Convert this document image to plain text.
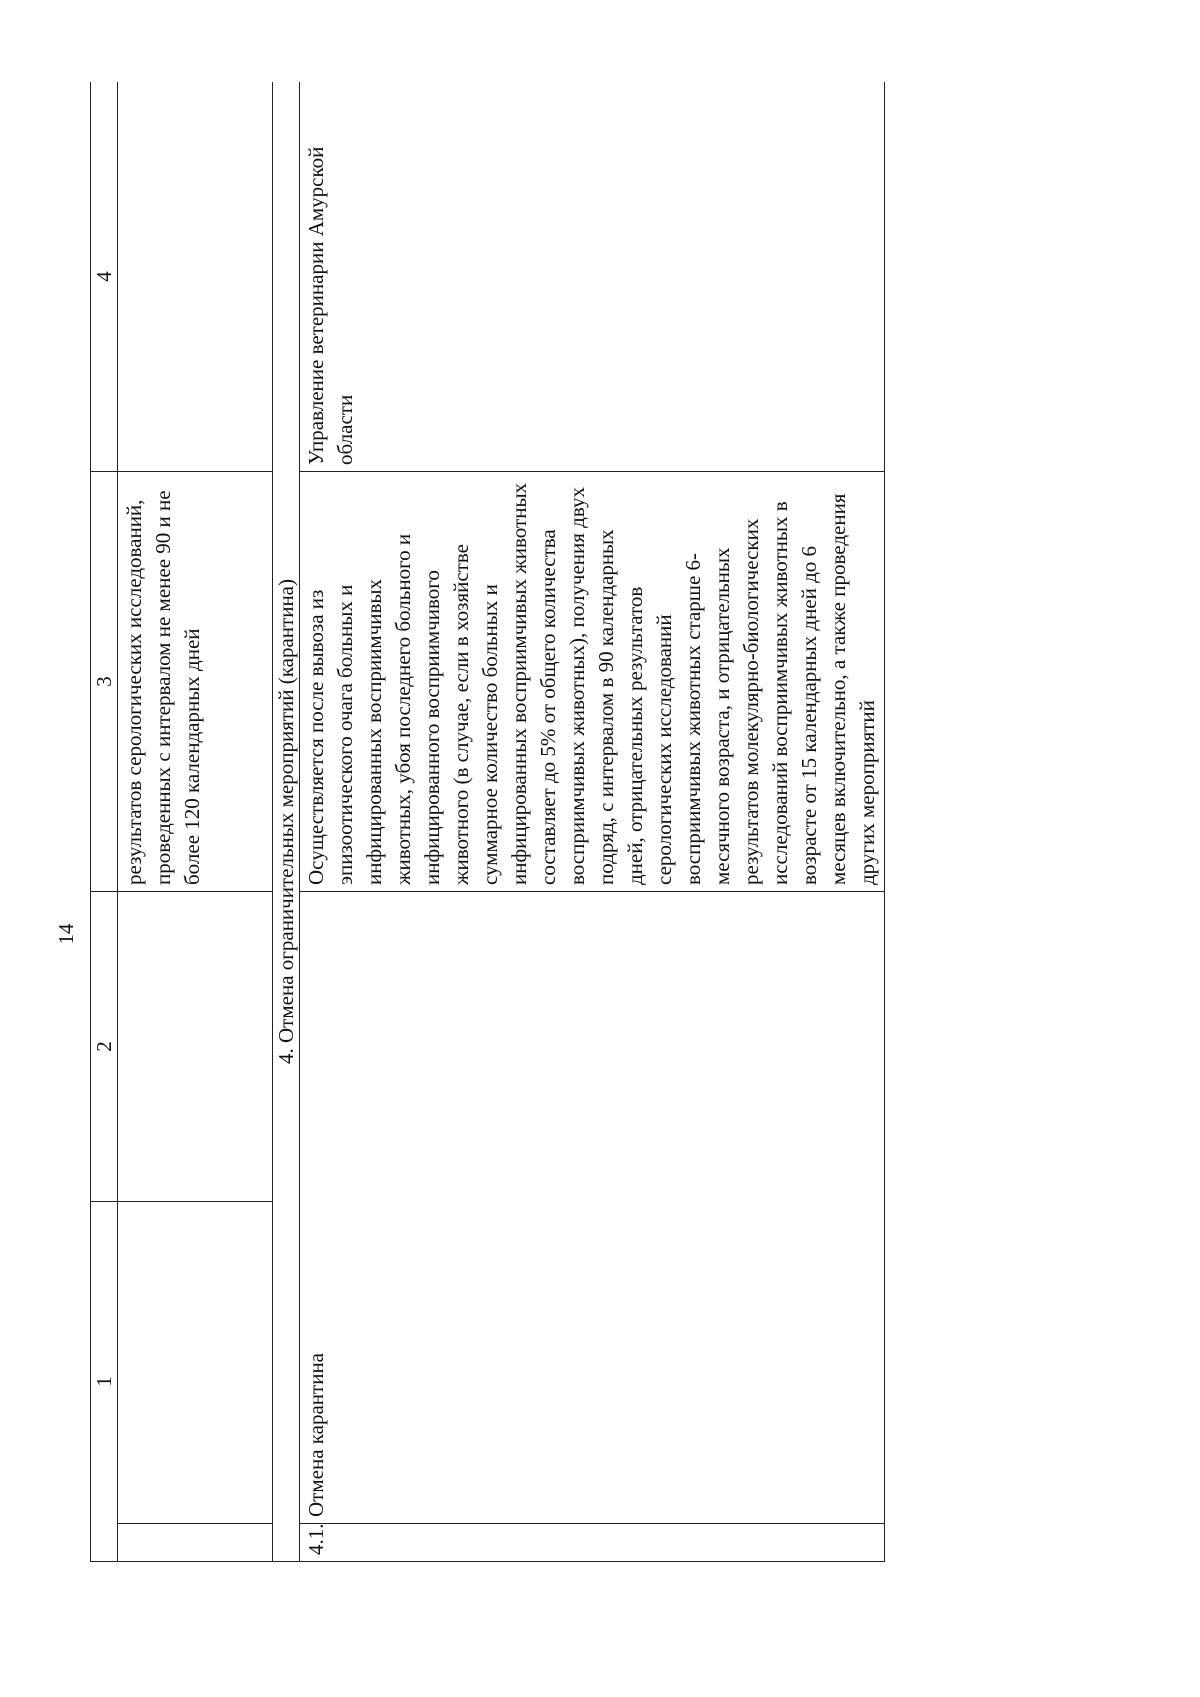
14
1		2	3	4
			результатов серологических исследований, проведенных с интервалом не менее 90 и не более 120 календарных дней	
4. Отмена ограничительных мероприятий (карантина)				
4.1.	Отмена карантина		Осуществляется после вывоза из эпизоотического очага больных и инфицированных восприимчивых животных, убоя последнего больного и инфицированного восприимчивого животного (в случае, если в хозяйстве суммарное количество больных и инфицированных восприимчивых животных составляет до 5% от общего количества восприимчивых животных), получения двух подряд, с интервалом в 90 календарных дней, отрицательных результатов серологических исследований восприимчивых животных старше 6-месячного возраста, и отрицательных результатов молекулярно-биологических исследований восприимчивых животных в возрасте от 15 календарных дней до 6 месяцев включительно, а также проведения других мероприятий	Управление ветеринарии Амурской области
